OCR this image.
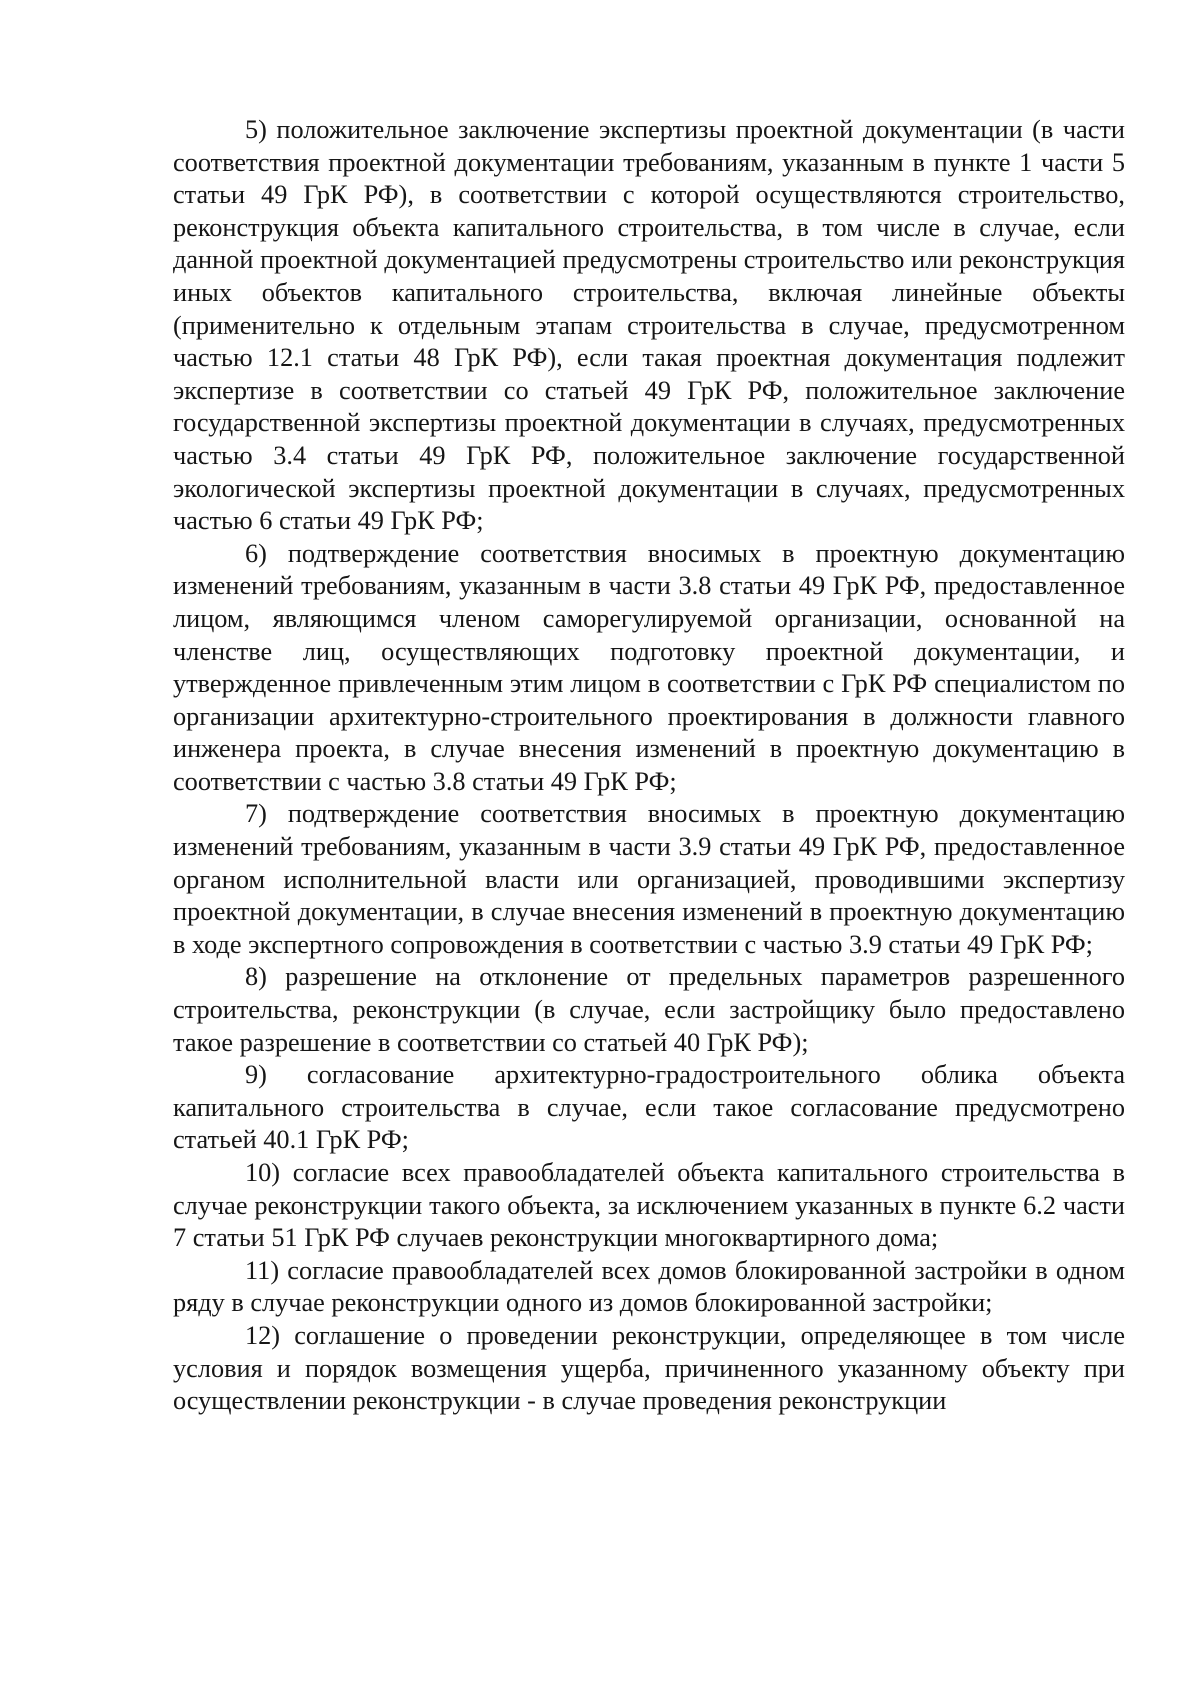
5) положительное заключение экспертизы проектной документации (в части соответствия проектной документации требованиям, указанным в пункте 1 части 5 статьи 49 ГрК РФ), в соответствии с которой осуществляются строительство, реконструкция объекта капитального строительства, в том числе в случае, если данной проектной документацией предусмотрены строительство или реконструкция иных объектов капитального строительства, включая линейные объекты (применительно к отдельным этапам строительства в случае, предусмотренном частью 12.1 статьи 48 ГрК РФ), если такая проектная документация подлежит экспертизе в соответствии со статьей 49 ГрК РФ, положительное заключение государственной экспертизы проектной документации в случаях, предусмотренных частью 3.4 статьи 49 ГрК РФ, положительное заключение государственной экологической экспертизы проектной документации в случаях, предусмотренных частью 6 статьи 49 ГрК РФ;

6) подтверждение соответствия вносимых в проектную документацию изменений требованиям, указанным в части 3.8 статьи 49 ГрК РФ, предоставленное лицом, являющимся членом саморегулируемой организации, основанной на членстве лиц, осуществляющих подготовку проектной документации, и утвержденное привлеченным этим лицом в соответствии с ГрК РФ специалистом по организации архитектурно-строительного проектирования в должности главного инженера проекта, в случае внесения изменений в проектную документацию в соответствии с частью 3.8 статьи 49 ГрК РФ;

7) подтверждение соответствия вносимых в проектную документацию изменений требованиям, указанным в части 3.9 статьи 49 ГрК РФ, предоставленное органом исполнительной власти или организацией, проводившими экспертизу проектной документации, в случае внесения изменений в проектную документацию в ходе экспертного сопровождения в соответствии с частью 3.9 статьи 49 ГрК РФ;

8) разрешение на отклонение от предельных параметров разрешенного строительства, реконструкции (в случае, если застройщику было предоставлено такое разрешение в соответствии со статьей 40 ГрК РФ);

9) согласование архитектурно-градостроительного облика объекта капитального строительства в случае, если такое согласование предусмотрено статьей 40.1 ГрК РФ;

10) согласие всех правообладателей объекта капитального строительства в случае реконструкции такого объекта, за исключением указанных в пункте 6.2 части 7 статьи 51 ГрК РФ случаев реконструкции многоквартирного дома;

11) согласие правообладателей всех домов блокированной застройки в одном ряду в случае реконструкции одного из домов блокированной застройки;

12) соглашение о проведении реконструкции, определяющее в том числе условия и порядок возмещения ущерба, причиненного указанному объекту при осуществлении реконструкции - в случае проведения реконструкции
